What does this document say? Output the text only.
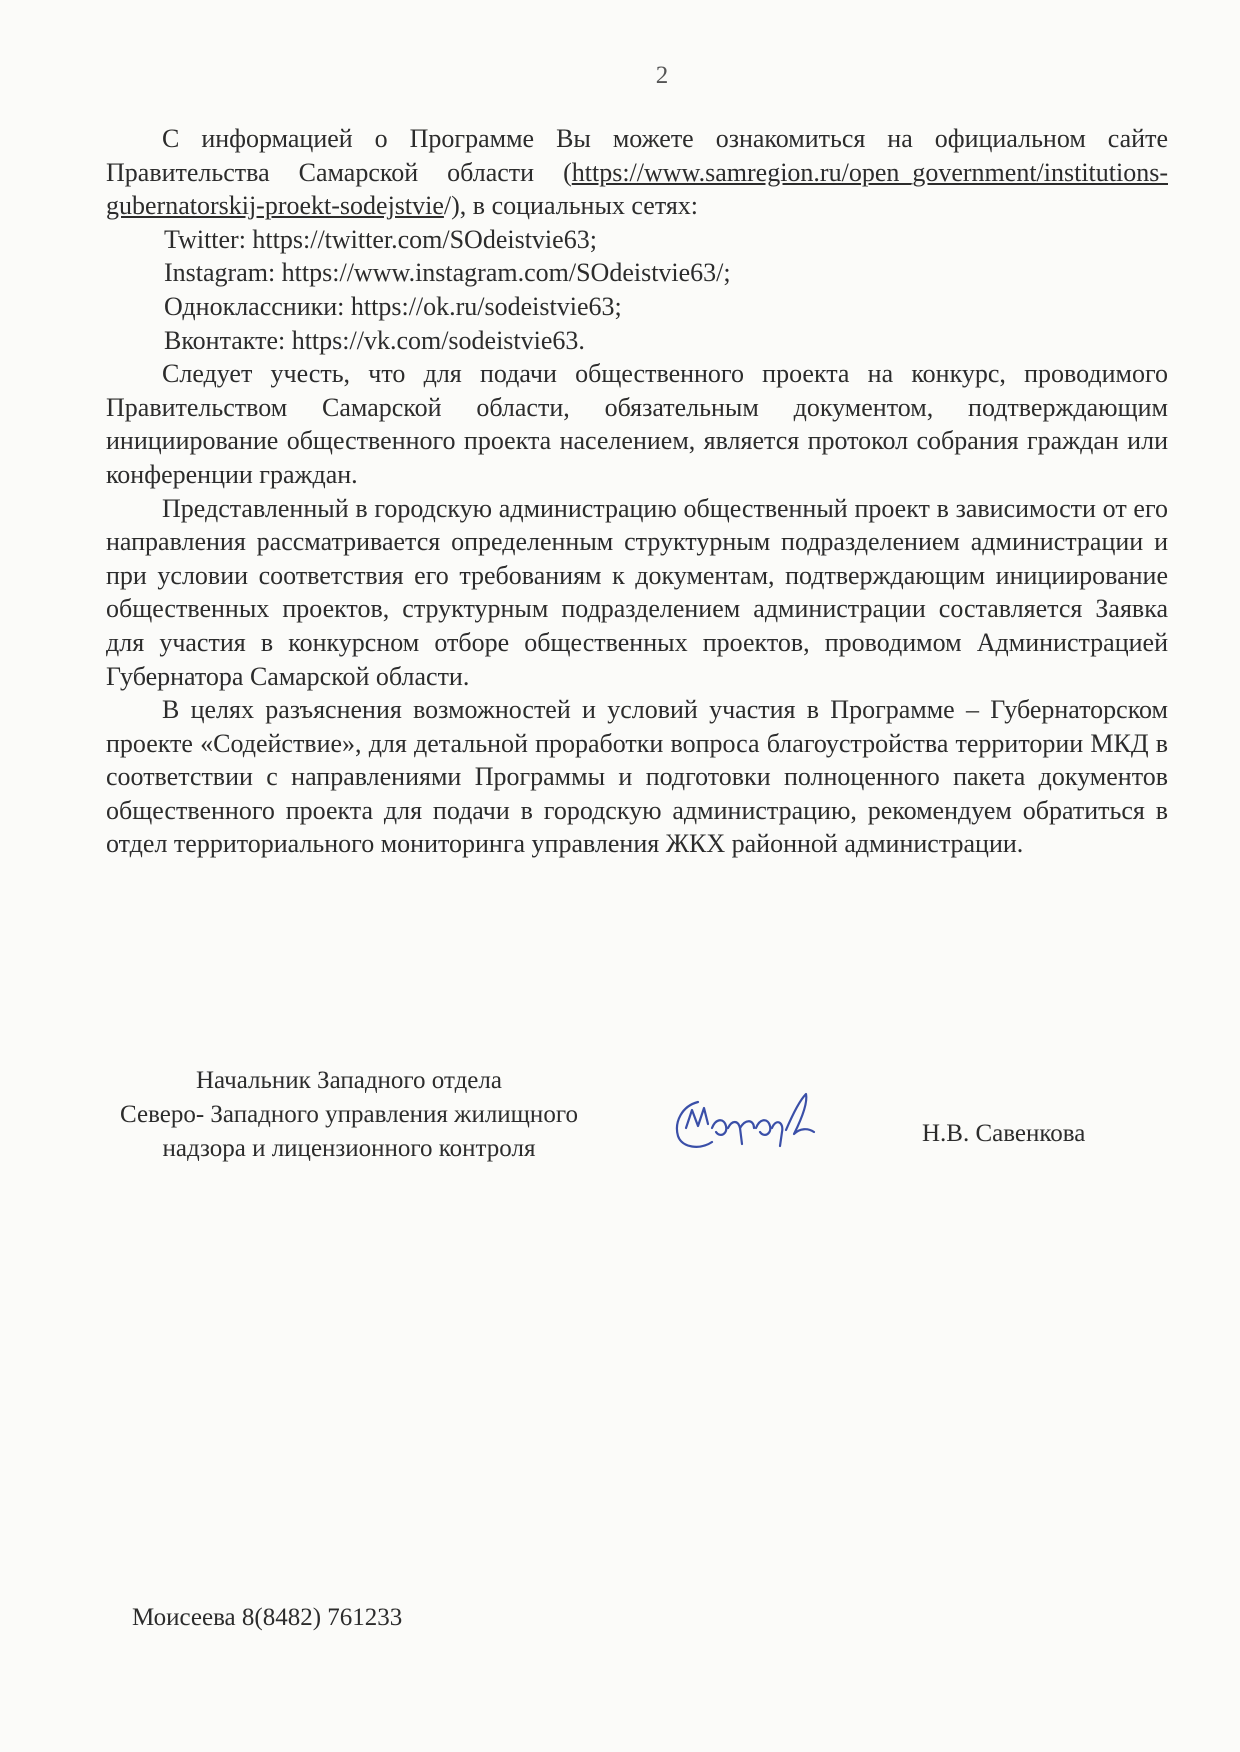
2

С информацией о Программе Вы можете ознакомиться на официальном сайте Правительства Самарской области (https://www.samregion.ru/open_government/institutions-gubernatorskij-proekt-sodejstvie/), в социальных сетях:

Twitter: https://twitter.com/SOdeistvie63;

Instagram: https://www.instagram.com/SOdeistvie63/;

Одноклассники: https://ok.ru/sodeistvie63;

Вконтакте: https://vk.com/sodeistvie63.

Следует учесть, что для подачи общественного проекта на конкурс, проводимого Правительством Самарской области, обязательным документом, подтверждающим инициирование общественного проекта населением, является протокол собрания граждан или конференции граждан.

Представленный в городскую администрацию общественный проект в зависимости от его направления рассматривается определенным структурным подразделением администрации и при условии соответствия его требованиям к документам, подтверждающим инициирование общественных проектов, структурным подразделением администрации составляется Заявка для участия в конкурсном отборе общественных проектов, проводимом Администрацией Губернатора Самарской области.

В целях разъяснения возможностей и условий участия в Программе – Губернаторском проекте «Содействие», для детальной проработки вопроса благоустройства территории МКД в соответствии с направлениями Программы и подготовки полноценного пакета документов общественного проекта для подачи в городскую администрацию, рекомендуем обратиться в отдел территориального мониторинга управления ЖКХ районной администрации.

Начальник Западного отдела
Северо- Западного управления жилищного
надзора и лицензионного контроля
Н.В. Савенкова
Моисеева 8(8482) 761233
